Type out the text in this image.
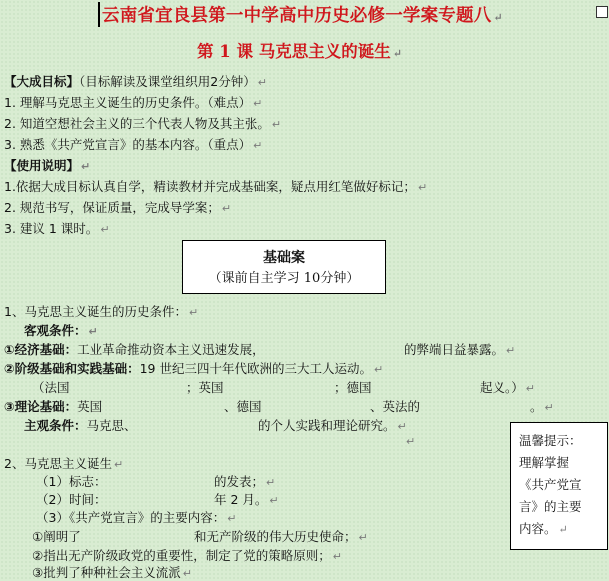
云南省宜良县第一中学高中历史必修一学案专题八 ↵
第 1 课 马克思主义的诞生 ↵
【大成目标】（目标解读及课堂组织用2分钟） ↵
1. 理解马克思主义诞生的历史条件。（难点） ↵
2. 知道空想社会主义的三个代表人物及其主张。 ↵
3. 熟悉《共产党宣言》的基本内容。（重点） ↵
【使用说明】 ↵
1.依据大成目标认真自学，精读教材并完成基础案，疑点用红笔做好标记； ↵
2. 规范书写，保证质量，完成导学案； ↵
3. 建议 1 课时。 ↵
基础案
（课前自主学习 10分钟）
1、马克思主义诞生的历史条件： ↵
客观条件： ↵
①经济基础：工业革命推动资本主义迅速发展，	的弊端日益暴露。 ↵
②阶级基础和实践基础：19 世纪三四十年代欧洲的三大工人运动。 ↵
（法国	；英国	；德国	起义。） ↵
③理论基础：英国	、德国	、英法的	。 ↵
主观条件：马克思、	的个人实践和理论研究。 ↵
↵
2、马克思主义诞生 ↵
（1）标志：	的发表； ↵
（2）时间：	年 2 月。 ↵
（3）《共产党宣言》的主要内容： ↵
①阐明了	和无产阶级的伟大历史使命； ↵
②指出无产阶级政党的重要性，制定了党的策略原则； ↵
③批判了种种社会主义流派 ↵
温馨提示：
理解掌握
《共产党宣
言》的主要
内容。 ↵
